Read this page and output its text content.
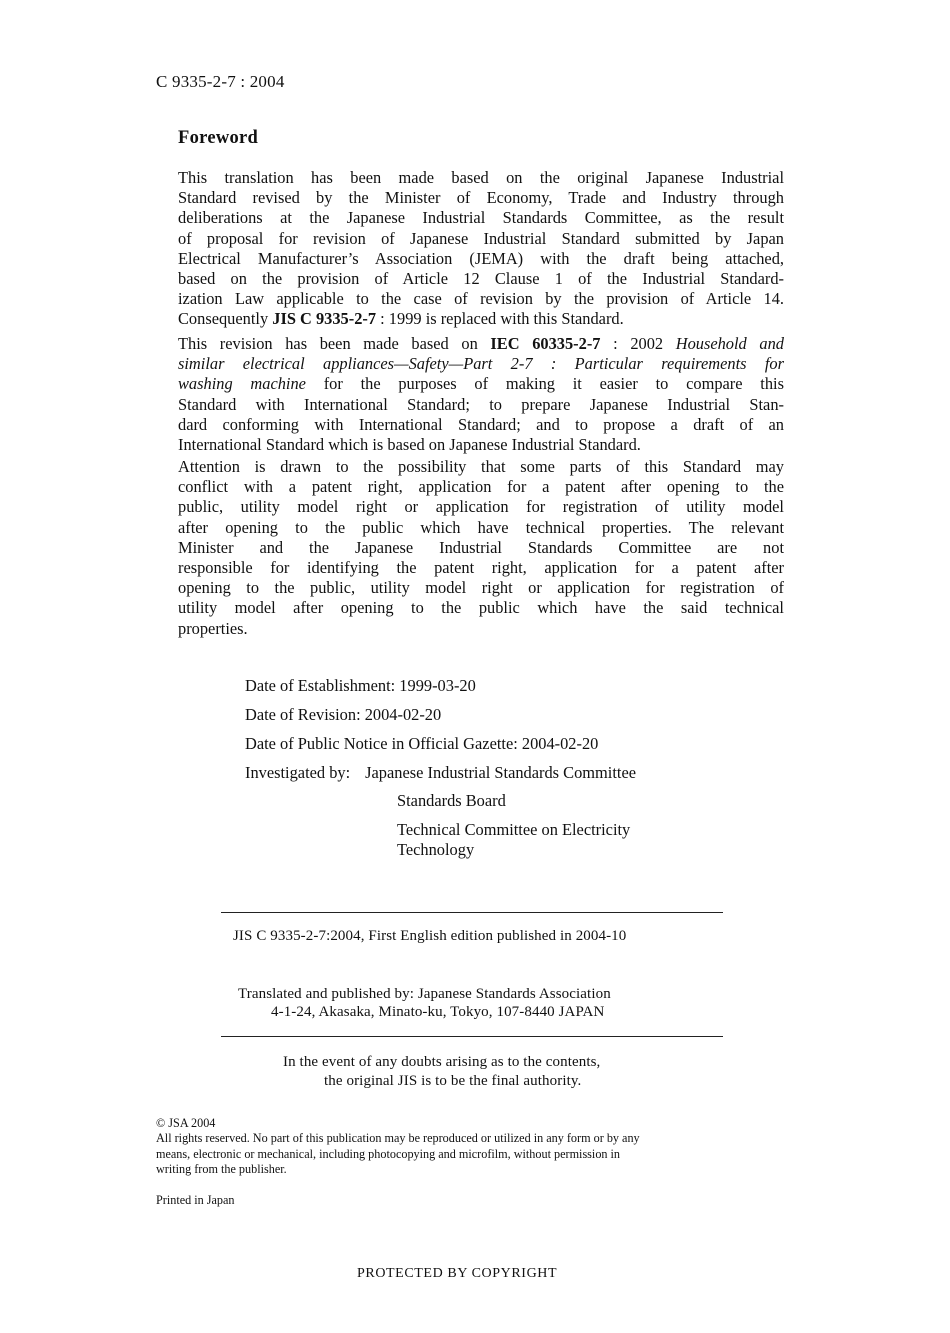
C 9335-2-7 : 2004
Foreword
This translation has been made based on the original Japanese Industrial
Standard revised by the Minister of Economy, Trade and Industry through
deliberations at the Japanese Industrial Standards Committee, as the result
of proposal for revision of Japanese Industrial Standard submitted by Japan
Electrical Manufacturer’s Association (JEMA) with the draft being attached,
based on the provision of Article 12 Clause 1 of the Industrial Standard-
ization Law applicable to the case of revision by the provision of Article 14.
Consequently JIS C 9335-2-7 : 1999 is replaced with this Standard.
This revision has been made based on IEC 60335-2-7 : 2002 Household and
similar electrical appliances—Safety—Part 2-7 : Particular requirements for
washing machine for the purposes of making it easier to compare this
Standard with International Standard; to prepare Japanese Industrial Stan-
dard conforming with International Standard; and to propose a draft of an
International Standard which is based on Japanese Industrial Standard.
Attention is drawn to the possibility that some parts of this Standard may
conflict with a patent right, application for a patent after opening to the
public, utility model right or application for registration of utility model
after opening to the public which have technical properties. The relevant
Minister and the Japanese Industrial Standards Committee are not
responsible for identifying the patent right, application for a patent after
opening to the public, utility model right or application for registration of
utility model after opening to the public which have the said technical
properties.
Date of Establishment: 1999-03-20
Date of Revision: 2004-02-20
Date of Public Notice in Official Gazette: 2004-02-20
Investigated by: Japanese Industrial Standards Committee
Standards Board
Technical Committee on Electricity
Technology
JIS C 9335-2-7:2004, First English edition published in 2004-10
Translated and published by: Japanese Standards Association
4-1-24, Akasaka, Minato-ku, Tokyo, 107-8440 JAPAN
In the event of any doubts arising as to the contents,
the original JIS is to be the final authority.
© JSA 2004
All rights reserved. No part of this publication may be reproduced or utilized in any form or by any
means, electronic or mechanical, including photocopying and microfilm, without permission in
writing from the publisher.
Printed in Japan
PROTECTED BY COPYRIGHT
